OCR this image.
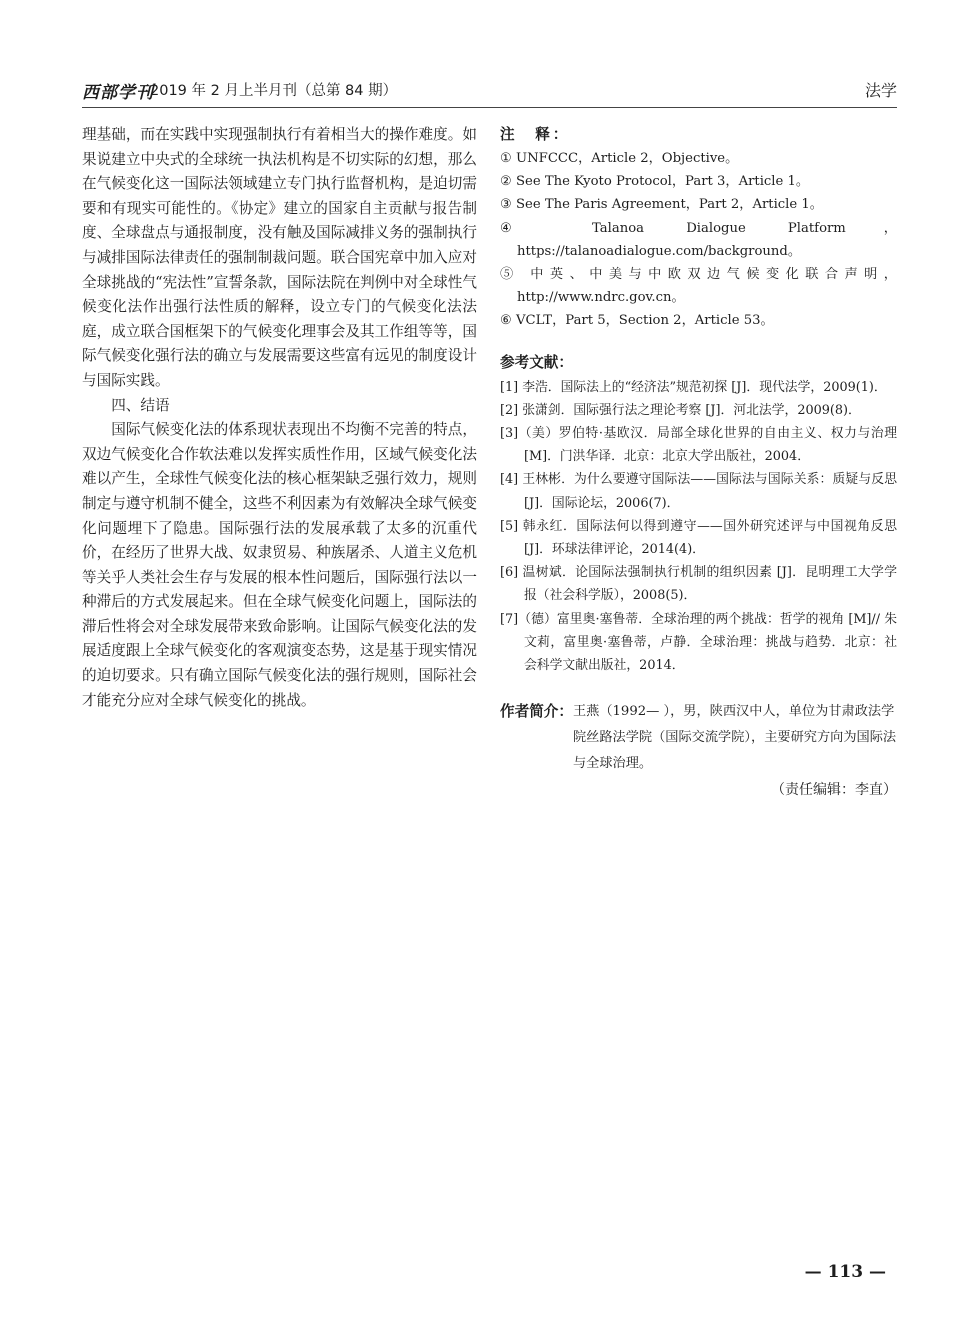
西部学刊
2019 年 2 月上半月刊（总第 84 期）	法学

理基础，而在实践中实现强制执行有着相当大的操作难度。如果说建立中央式的全球统一执法机构是不切实际的幻想，那么在气候变化这一国际法领域建立专门执行监督机构，是迫切需要和有现实可能性的。《协定》建立的国家自主贡献与报告制度、全球盘点与通报制度，没有触及国际减排义务的强制执行与减排国际法律责任的强制制裁问题。联合国宪章中加入应对全球挑战的“宪法性”宣誓条款，国际法院在判例中对全球性气候变化法作出强行法性质的解释，设立专门的气候变化法法庭，成立联合国框架下的气候变化理事会及其工作组等等，国际气候变化强行法的确立与发展需要这些富有远见的制度设计与国际实践。

四、结语

国际气候变化法的体系现状表现出不均衡不完善的特点，双边气候变化合作软法难以发挥实质性作用，区域气候变化法难以产生，全球性气候变化法的核心框架缺乏强行效力，规则制定与遵守机制不健全，这些不利因素为有效解决全球气候变化问题埋下了隐患。国际强行法的发展承载了太多的沉重代价，在经历了世界大战、奴隶贸易、种族屠杀、人道主义危机等关乎人类社会生存与发展的根本性问题后，国际强行法以一种滞后的方式发展起来。但在全球气候变化问题上，国际法的滞后性将会对全球发展带来致命影响。让国际气候变化法的发展适度跟上全球气候变化的客观演变态势，这是基于现实情况的迫切要求。只有确立国际气候变化法的强行规则，国际社会才能充分应对全球气候变化的挑战。

注　释：

① UNFCCC，Article 2，Objective。

② See The Kyoto Protocol，Part 3，Article 1。

③ See The Paris Agreement，Part 2，Article 1。

④ Talanoa Dialogue Platform，https://talanoadialogue.com/background。

⑤ 中英、中美与中欧双边气候变化联合声明，http://www.ndrc.gov.cn。

⑥ VCLT，Part 5，Section 2，Article 53。

参考文献：

[1] 李浩．国际法上的“经济法”规范初探 [J]．现代法学，2009(1)．

[2] 张潇剑．国际强行法之理论考察 [J]．河北法学，2009(8)．

[3]（美）罗伯特·基欧汉．局部全球化世界的自由主义、权力与治理 [M]．门洪华译．北京：北京大学出版社，2004．

[4] 王林彬．为什么要遵守国际法——国际法与国际关系：质疑与反思 [J]．国际论坛，2006(7)．

[5] 韩永红．国际法何以得到遵守——国外研究述评与中国视角反思 [J]．环球法律评论，2014(4)．

[6] 温树斌．论国际法强制执行机制的组织因素 [J]．昆明理工大学学报（社会科学版），2008(5)．

[7]（德）富里奥·塞鲁蒂．全球治理的两个挑战：哲学的视角 [M]// 朱文莉，富里奥·塞鲁蒂，卢静．全球治理：挑战与趋势．北京：社会科学文献出版社，2014．

作者简介： 王燕（1992— ），男，陕西汉中人，单位为甘肃政法学院丝路法学院（国际交流学院），主要研究方向为国际法与全球治理。
（责任编辑：李直）
— 113 —
